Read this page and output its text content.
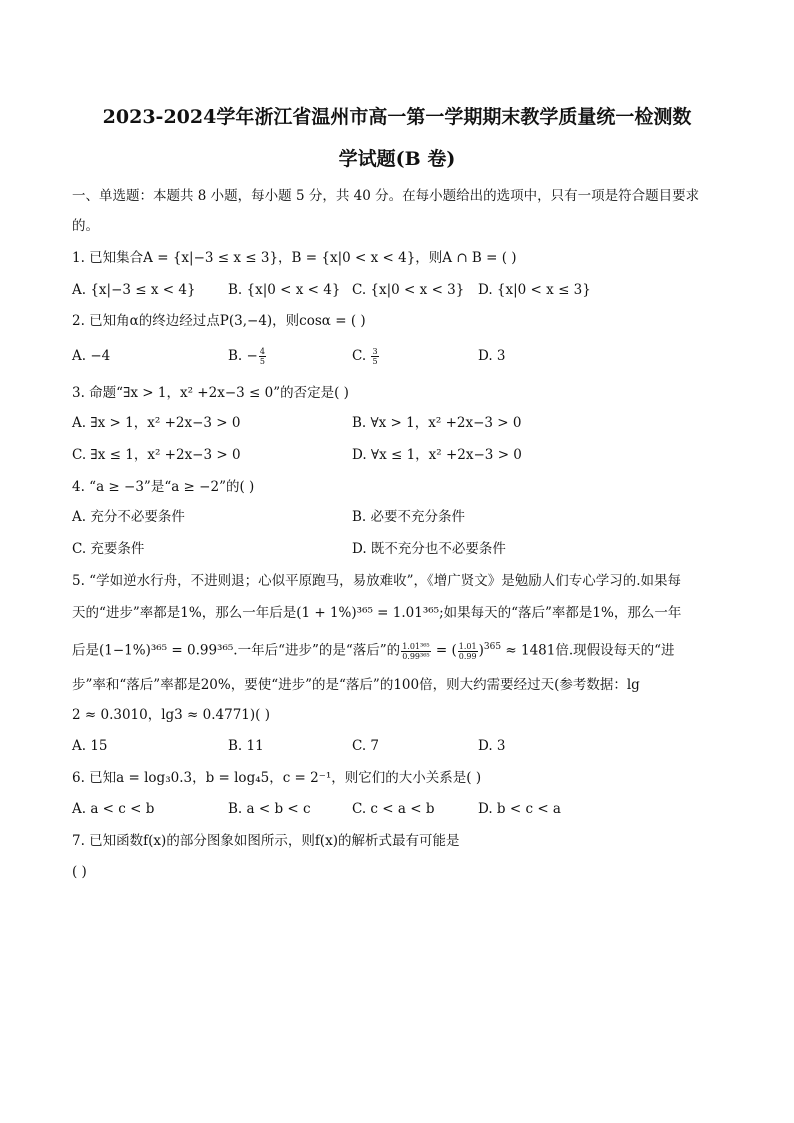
2023-2024学年浙江省温州市高一第一学期期末教学质量统一检测数
学试题(B 卷)
一、单选题：本题共 8 小题，每小题 5 分，共 40 分。在每小题给出的选项中，只有一项是符合题目要求
的。
1. 已知集合A = {x|−3 ≤ x ≤ 3}，B = {x|0 < x < 4}，则A ∩ B = ( )
A. {x|−3 ≤ x < 4} B. {x|0 < x < 4} C. {x|0 < x < 3} D. {x|0 < x ≤ 3}
2. 已知角α的终边经过点P(3,−4)，则cosα = ( )
A. −4	B. − $\frac{4}{5}$	C. $\frac{3}{5}$	D. 3
3. 命题“∃x > 1，x² +2x−3 ≤ 0”的否定是( )
A. ∃x > 1，x² +2x−3 > 0	B. ∀x > 1，x² +2x−3 > 0
C. ∃x ≤ 1，x² +2x−3 > 0	D. ∀x ≤ 1，x² +2x−3 > 0
4. “a ≥ −3”是“a ≥ −2”的( )
A. 充分不必要条件	B. 必要不充分条件
C. 充要条件	D. 既不充分也不必要条件
5. “学如逆水行舟，不进则退；心似平原跑马，易放难收”，《增广贤文》是勉励人们专心学习的.如果每
天的“进步”率都是1%，那么一年后是(1 + 1%)³⁶⁵ = 1.01³⁶⁵;如果每天的“落后”率都是1%，那么一年
后是(1−1%)³⁶⁵ = 0.99³⁶⁵.一年后“进步”的是“落后”的 $\frac{\text{1.01³⁶⁵}}{\text{0.99³⁶⁵}}$ = ( $\frac{1.01}{0.99} )^{365} \approx 1481$倍.现假设每天的“进
步”率和“落后”率都是20%，要使“进步”的是“落后”的100倍，则大约需要经过天(参考数据：lg
2 ≈ 0.3010，lg3 ≈ 0.4771)( )
A. 15	B. 11	C. 7	D. 3
6. 已知a = log₃0.3，b = log₄5，c = 2⁻¹，则它们的大小关系是( )
A. a < c < b	B. a < b < c	C. c < a < b	D. b < c < a
7. 已知函数f(x)的部分图象如图所示，则f(x)的解析式最有可能是
( )
